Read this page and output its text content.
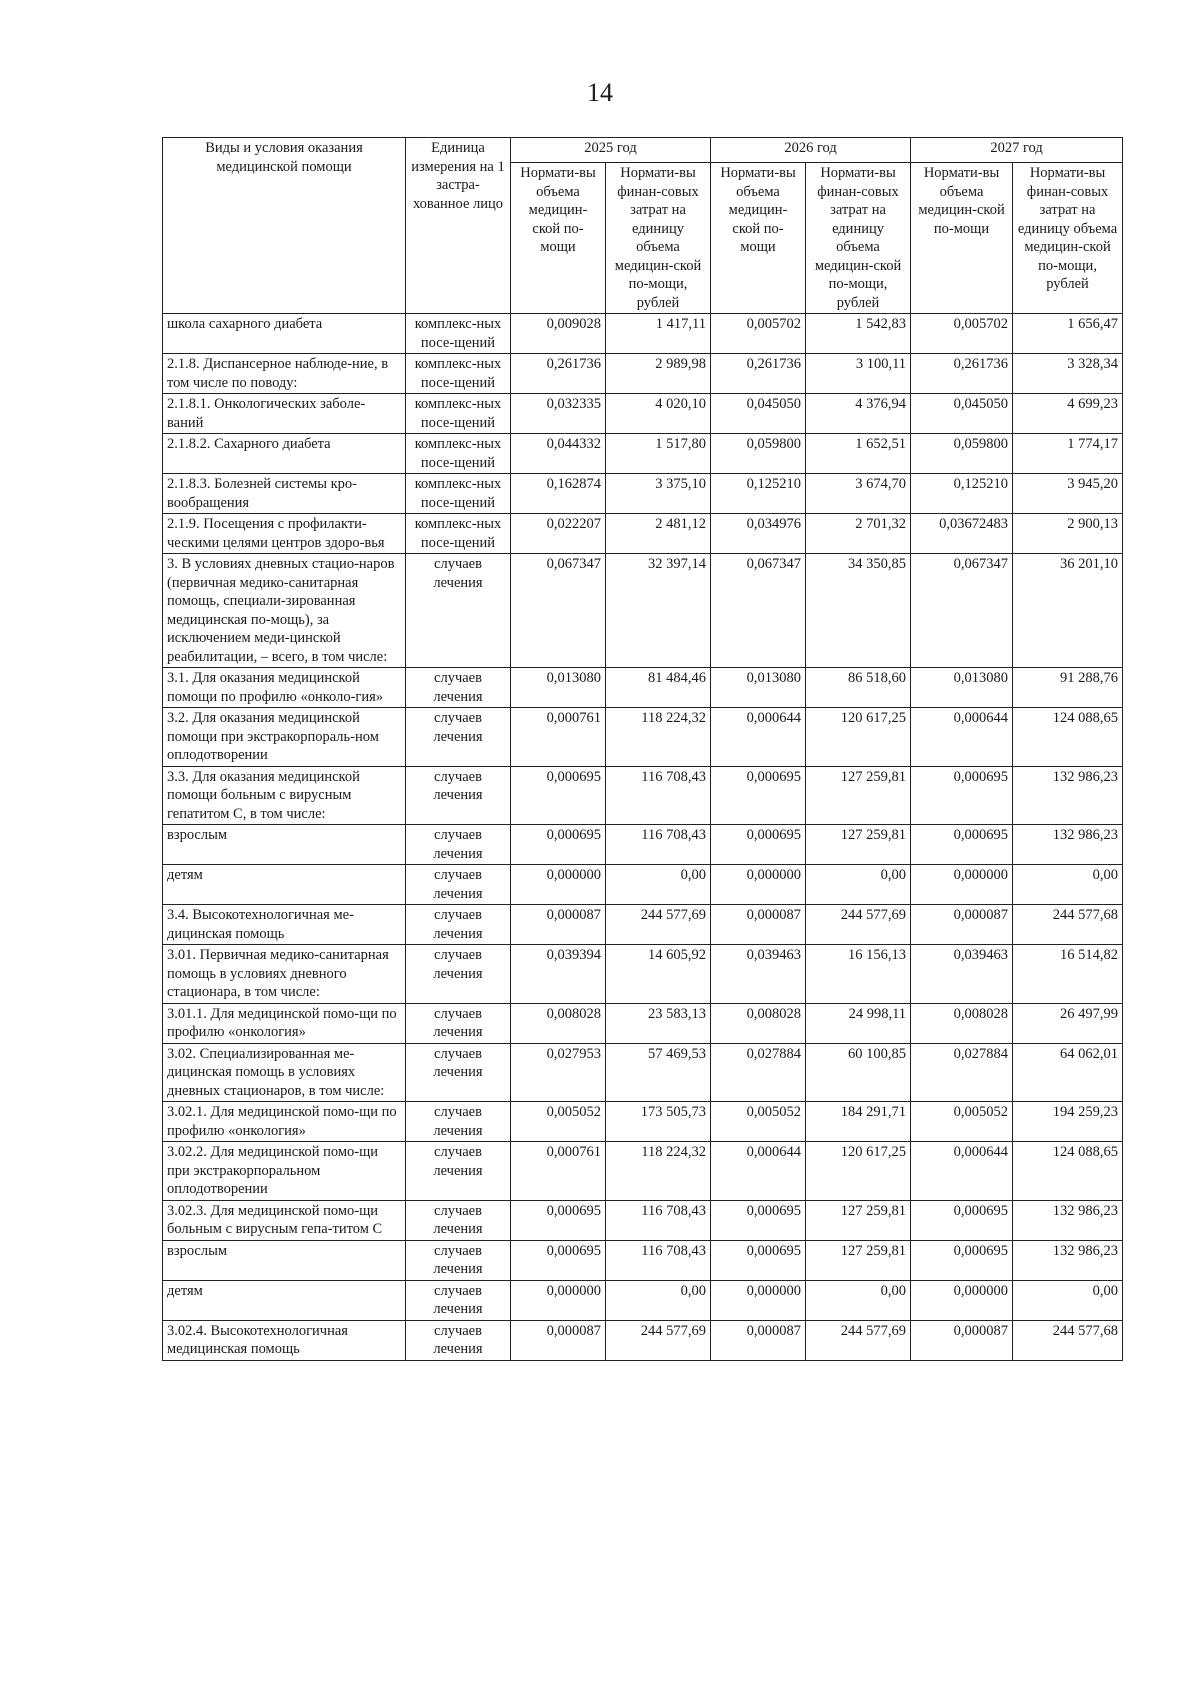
14
Виды и условия оказания медицинской помощи	Единица измерения на 1 застра-хованное лицо	2025 год		2026 год		2027 год	
		Нормати-вы объема медицин-ской по-мощи	Нормати-вы финан-совых затрат на единицу объема медицин-ской по-мощи, рублей	Нормати-вы объема медицин-ской по-мощи	Нормати-вы финан-совых затрат на единицу объема медицин-ской по-мощи, рублей	Нормати-вы объема медицин-ской по-мощи	Нормати-вы финан-совых затрат на единицу объема медицин-ской по-мощи, рублей
школа сахарного диабета	комплекс-ных посе-щений	0,009028	1 417,11	0,005702	1 542,83	0,005702	1 656,47
2.1.8. Диспансерное наблюде-ние, в том числе по поводу:	комплекс-ных посе-щений	0,261736	2 989,98	0,261736	3 100,11	0,261736	3 328,34
2.1.8.1. Онкологических заболе-ваний	комплекс-ных посе-щений	0,032335	4 020,10	0,045050	4 376,94	0,045050	4 699,23
2.1.8.2. Сахарного диабета	комплекс-ных посе-щений	0,044332	1 517,80	0,059800	1 652,51	0,059800	1 774,17
2.1.8.3. Болезней системы кро-вообращения	комплекс-ных посе-щений	0,162874	3 375,10	0,125210	3 674,70	0,125210	3 945,20
2.1.9. Посещения с профилакти-ческими целями центров здоро-вья	комплекс-ных посе-щений	0,022207	2 481,12	0,034976	2 701,32	0,03672483	2 900,13
3. В условиях дневных стацио-наров (первичная медико-санитарная помощь, специали-зированная медицинская по-мощь), за исключением меди-цинской реабилитации, – всего, в том числе:	случаев лечения	0,067347	32 397,14	0,067347	34 350,85	0,067347	36 201,10
3.1. Для оказания медицинской помощи по профилю «онколо-гия»	случаев лечения	0,013080	81 484,46	0,013080	86 518,60	0,013080	91 288,76
3.2. Для оказания медицинской помощи при экстракорпораль-ном оплодотворении	случаев лечения	0,000761	118 224,32	0,000644	120 617,25	0,000644	124 088,65
3.3. Для оказания медицинской помощи больным с вирусным гепатитом С, в том числе:	случаев лечения	0,000695	116 708,43	0,000695	127 259,81	0,000695	132 986,23
взрослым	случаев лечения	0,000695	116 708,43	0,000695	127 259,81	0,000695	132 986,23
детям	случаев лечения	0,000000	0,00	0,000000	0,00	0,000000	0,00
3.4. Высокотехнологичная ме-дицинская помощь	случаев лечения	0,000087	244 577,69	0,000087	244 577,69	0,000087	244 577,68
3.01. Первичная медико-санитарная помощь в условиях дневного стационара, в том числе:	случаев лечения	0,039394	14 605,92	0,039463	16 156,13	0,039463	16 514,82
3.01.1. Для медицинской помо-щи по профилю «онкология»	случаев лечения	0,008028	23 583,13	0,008028	24 998,11	0,008028	26 497,99
3.02. Специализированная ме-дицинская помощь в условиях дневных стационаров, в том числе:	случаев лечения	0,027953	57 469,53	0,027884	60 100,85	0,027884	64 062,01
3.02.1. Для медицинской помо-щи по профилю «онкология»	случаев лечения	0,005052	173 505,73	0,005052	184 291,71	0,005052	194 259,23
3.02.2. Для медицинской помо-щи при экстракорпоральном оплодотворении	случаев лечения	0,000761	118 224,32	0,000644	120 617,25	0,000644	124 088,65
3.02.3. Для медицинской помо-щи больным с вирусным гепа-титом С	случаев лечения	0,000695	116 708,43	0,000695	127 259,81	0,000695	132 986,23
взрослым	случаев лечения	0,000695	116 708,43	0,000695	127 259,81	0,000695	132 986,23
детям	случаев лечения	0,000000	0,00	0,000000	0,00	0,000000	0,00
3.02.4. Высокотехнологичная медицинская помощь	случаев лечения	0,000087	244 577,69	0,000087	244 577,69	0,000087	244 577,68
